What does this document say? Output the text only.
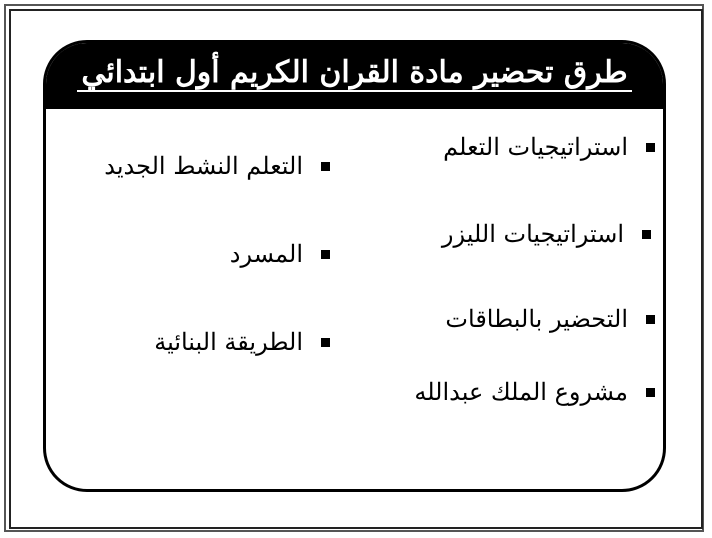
طرق تحضير مادة القران الكريم أول ابتدائي
استراتيجيات التعلم
استراتيجيات الليزر
التحضير بالبطاقات
مشروع الملك عبدالله
التعلم النشط الجديد
المسرد
الطريقة البنائية
